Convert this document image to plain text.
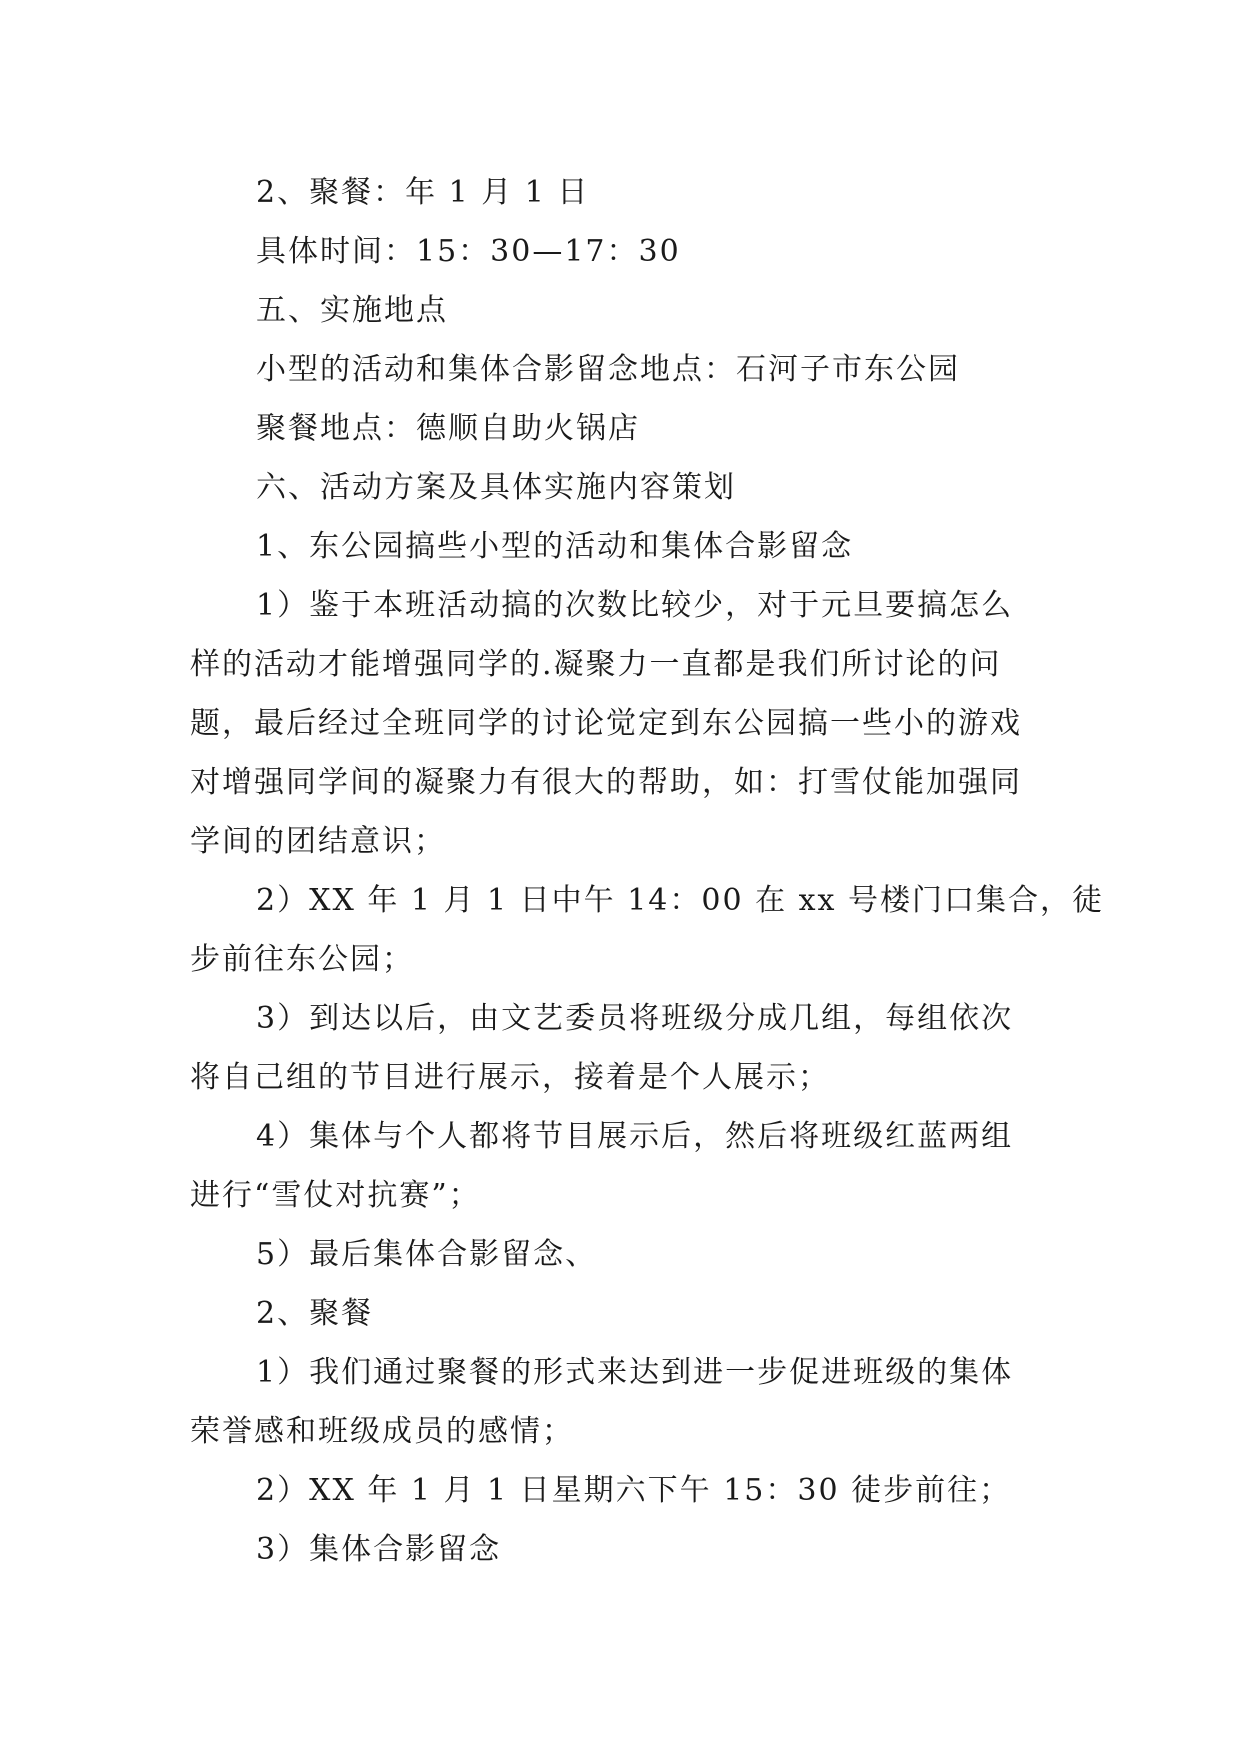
2、聚餐：年 1 月 1 日
具体时间：15：30—17：30
五、实施地点
小型的活动和集体合影留念地点：石河子市东公园
聚餐地点：德顺自助火锅店
六、活动方案及具体实施内容策划
1、东公园搞些小型的活动和集体合影留念
1）鉴于本班活动搞的次数比较少，对于元旦要搞怎么
样的活动才能增强同学的.凝聚力一直都是我们所讨论的问
题，最后经过全班同学的讨论觉定到东公园搞一些小的游戏
对增强同学间的凝聚力有很大的帮助，如：打雪仗能加强同
学间的团结意识；
2）XX 年 1 月 1 日中午 14：00 在 xx 号楼门口集合，徒
步前往东公园；
3）到达以后，由文艺委员将班级分成几组，每组依次
将自己组的节目进行展示，接着是个人展示；
4）集体与个人都将节目展示后，然后将班级红蓝两组
进行“雪仗对抗赛”；
5）最后集体合影留念、
2、聚餐
1）我们通过聚餐的形式来达到进一步促进班级的集体
荣誉感和班级成员的感情；
2）XX 年 1 月 1 日星期六下午 15：30 徒步前往；
3）集体合影留念
